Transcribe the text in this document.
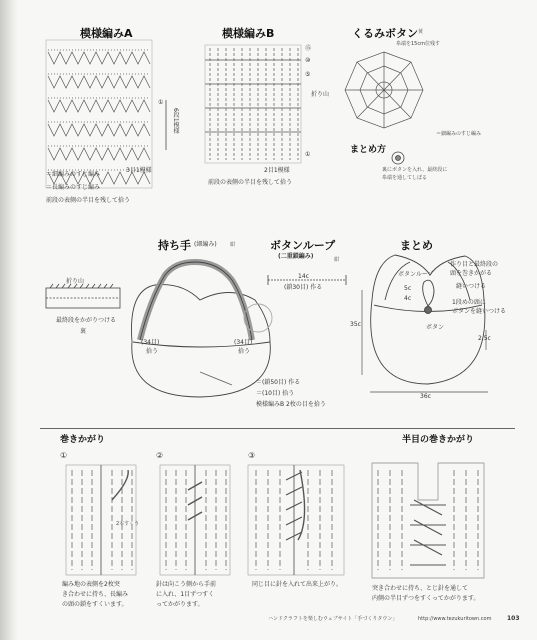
模様編みA
①
6段1模様
3目1模様
＝細編みのすじ編み
＝長編みのすじ編み
前段の表側の半目を残して拾う
模様編みB
⑮
⑩
⑤
①
折り山
2目1模様
前段の表側の半目を残して拾う
くるみボタン 黄
糸端を15cm位残す
＝細編みのすじ編み
まとめ方
裏にボタンを入れ、最終段に
糸端を通してしぼる
持ち手 (細編み)	紺
折り山
最終段をかがりつける
裏
(34目)
拾う
(34目)
拾う
ボタンループ
(二重鎖編み)	紺
14c
(鎖30目) 作る
＝(鎖50目) 作る
＝(10目) 拾う
模様編みB 2枚の目を拾う
まとめ
作り目と最終段の
頭を巻きかがる
縫いつける
1段めの頭に
ボタンを縫いつける
ボタンループ
5c
4c
ボタン
35c
2.5c
36c
巻きかがり
①	②	③
2本すくう
編み地の表側を2枚突
き合わせに持ち、長編み
の頭の鎖をすくいます。
針は向こう側から手前
に入れ、1目ずつすく
ってかがります。
同じ目に針を入れて出来上がり。
半目の巻きかがり
突き合わせに持ち、とじ針を通して
内側の半目ずつをすくってかがります。
ハンドクラフトを楽しむウェブサイト「手づくりタウン」	http://www.tezukuritown.com	103
